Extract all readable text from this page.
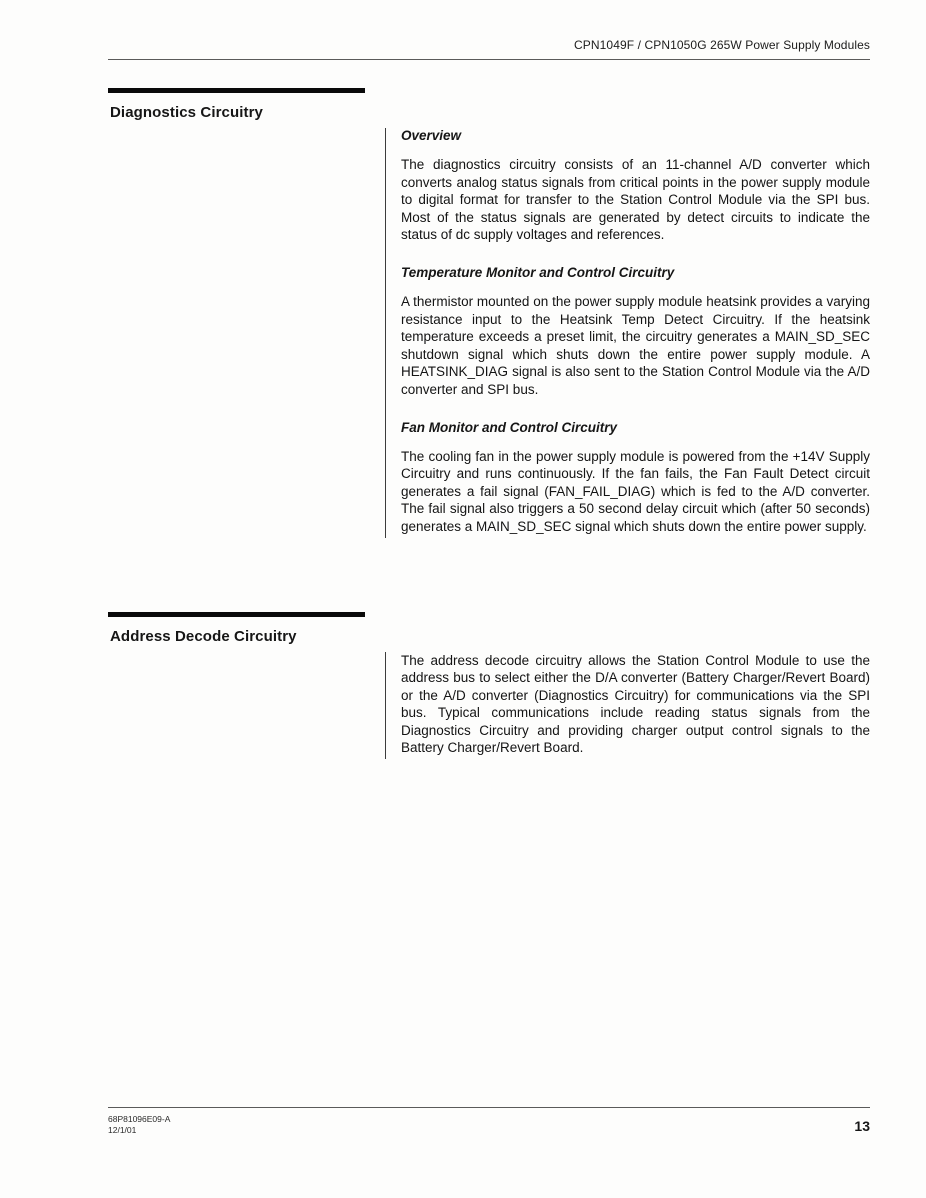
CPN1049F / CPN1050G 265W Power Supply Modules
Diagnostics Circuitry
Overview

The diagnostics circuitry consists of an 11-channel A/D converter which converts analog status signals from critical points in the power supply module to digital format for transfer to the Station Control Module via the SPI bus. Most of the status signals are generated by detect circuits to indicate the status of dc supply voltages and references.

Temperature Monitor and Control Circuitry

A thermistor mounted on the power supply module heatsink provides a varying resistance input to the Heatsink Temp Detect Circuitry. If the heatsink temperature exceeds a preset limit, the circuitry generates a MAIN_SD_SEC shutdown signal which shuts down the entire power supply module. A HEATSINK_DIAG signal is also sent to the Station Control Module via the A/D converter and SPI bus.

Fan Monitor and Control Circuitry

The cooling fan in the power supply module is powered from the +14V Supply Circuitry and runs continuously. If the fan fails, the Fan Fault Detect circuit generates a fail signal (FAN_FAIL_DIAG) which is fed to the A/D converter. The fail signal also triggers a 50 second delay circuit which (after 50 seconds) generates a MAIN_SD_SEC signal which shuts down the entire power supply.

Address Decode Circuitry

The address decode circuitry allows the Station Control Module to use the address bus to select either the D/A converter (Battery Charger/Revert Board) or the A/D converter (Diagnostics Circuitry) for communications via the SPI bus. Typical communications include reading status signals from the Diagnostics Circuitry and providing charger output control signals to the Battery Charger/Revert Board.

68P81096E09-A
12/1/01	13
